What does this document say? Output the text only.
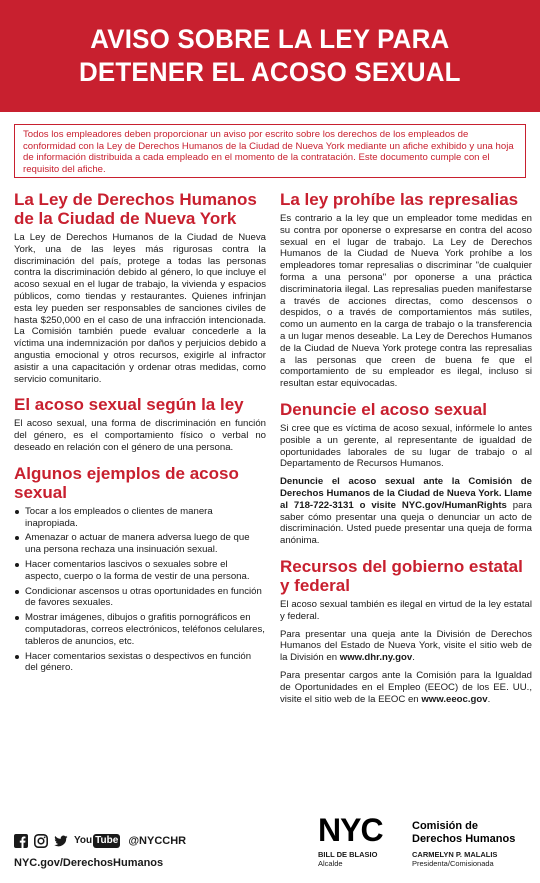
AVISO SOBRE LA LEY PARA
DETENER EL ACOSO SEXUAL
Todos los empleadores deben proporcionar un aviso por escrito sobre los derechos de los empleados de conformidad con la Ley de Derechos Humanos de la Ciudad de Nueva York mediante un afiche exhibido y una hoja de información distribuida a cada empleado en el momento de la contratación. Este documento cumple con el requisito del afiche.
La Ley de Derechos Humanos de la Ciudad de Nueva York
La Ley de Derechos Humanos de la Ciudad de Nueva York, una de las leyes más rigurosas contra la discriminación del país, protege a todas las personas contra la discriminación debido al género, lo que incluye el acoso sexual en el lugar de trabajo, la vivienda y espacios públicos, como tiendas y restaurantes. Quienes infrinjan esta ley pueden ser responsables de sanciones civiles de hasta $250,000 en el caso de una infracción intencionada. La Comisión también puede evaluar concederle a la víctima una indemnización por daños y perjuicios debido a angustia emocional y otros recursos, exigirle al infractor asistir a una capacitación y ordenar otras medidas, como servicio comunitario.
El acoso sexual según la ley
El acoso sexual, una forma de discriminación en función del género, es el comportamiento físico o verbal no deseado en relación con el género de una persona.
Algunos ejemplos de acoso sexual
Tocar a los empleados o clientes de manera inapropiada.
Amenazar o actuar de manera adversa luego de que una persona rechaza una insinuación sexual.
Hacer comentarios lascivos o sexuales sobre el aspecto, cuerpo o la forma de vestir de una persona.
Condicionar ascensos u otras oportunidades en función de favores sexuales.
Mostrar imágenes, dibujos o grafitis pornográficos en computadoras, correos electrónicos, teléfonos celulares, tableros de anuncios, etc.
Hacer comentarios sexistas o despectivos en función del género.
La ley prohíbe las represalias
Es contrario a la ley que un empleador tome medidas en su contra por oponerse o expresarse en contra del acoso sexual en el lugar de trabajo. La Ley de Derechos Humanos de la Ciudad de Nueva York prohíbe a los empleadores tomar represalias o discriminar "de cualquier forma a una persona" por oponerse a una práctica discriminatoria ilegal. Las represalias pueden manifestarse a través de acciones directas, como descensos o despidos, o a través de comportamientos más sutiles, como un aumento en la carga de trabajo o la transferencia a un lugar menos deseable. La Ley de Derechos Humanos de la Ciudad de Nueva York protege contra las represalias a las personas que creen de buena fe que el comportamiento de su empleador es ilegal, incluso si resultan estar equivocadas.
Denuncie el acoso sexual
Si cree que es víctima de acoso sexual, infórmele lo antes posible a un gerente, al representante de igualdad de oportunidades laborales de su lugar de trabajo o al Departamento de Recursos Humanos.
Denuncie el acoso sexual ante la Comisión de Derechos Humanos de la Ciudad de Nueva York. Llame al 718-722-3131 o visite NYC.gov/HumanRights para saber cómo presentar una queja o denunciar un acto de discriminación. Usted puede presentar una queja de forma anónima.
Recursos del gobierno estatal y federal
El acoso sexual también es ilegal en virtud de la ley estatal y federal.
Para presentar una queja ante la División de Derechos Humanos del Estado de Nueva York, visite el sitio web de la División en www.dhr.ny.gov.
Para presentar cargos ante la Comisión para la Igualdad de Oportunidades en el Empleo (EEOC) de los EE. UU., visite el sitio web de la EEOC en www.eeoc.gov.
You Tube @NYCCHR
NYC.gov/DerechosHumanos
NYC	Comisión de
Derechos Humanos
BILL DE BLASIO
Alcalde
CARMELYN P. MALALIS
Presidenta/Comisionada
